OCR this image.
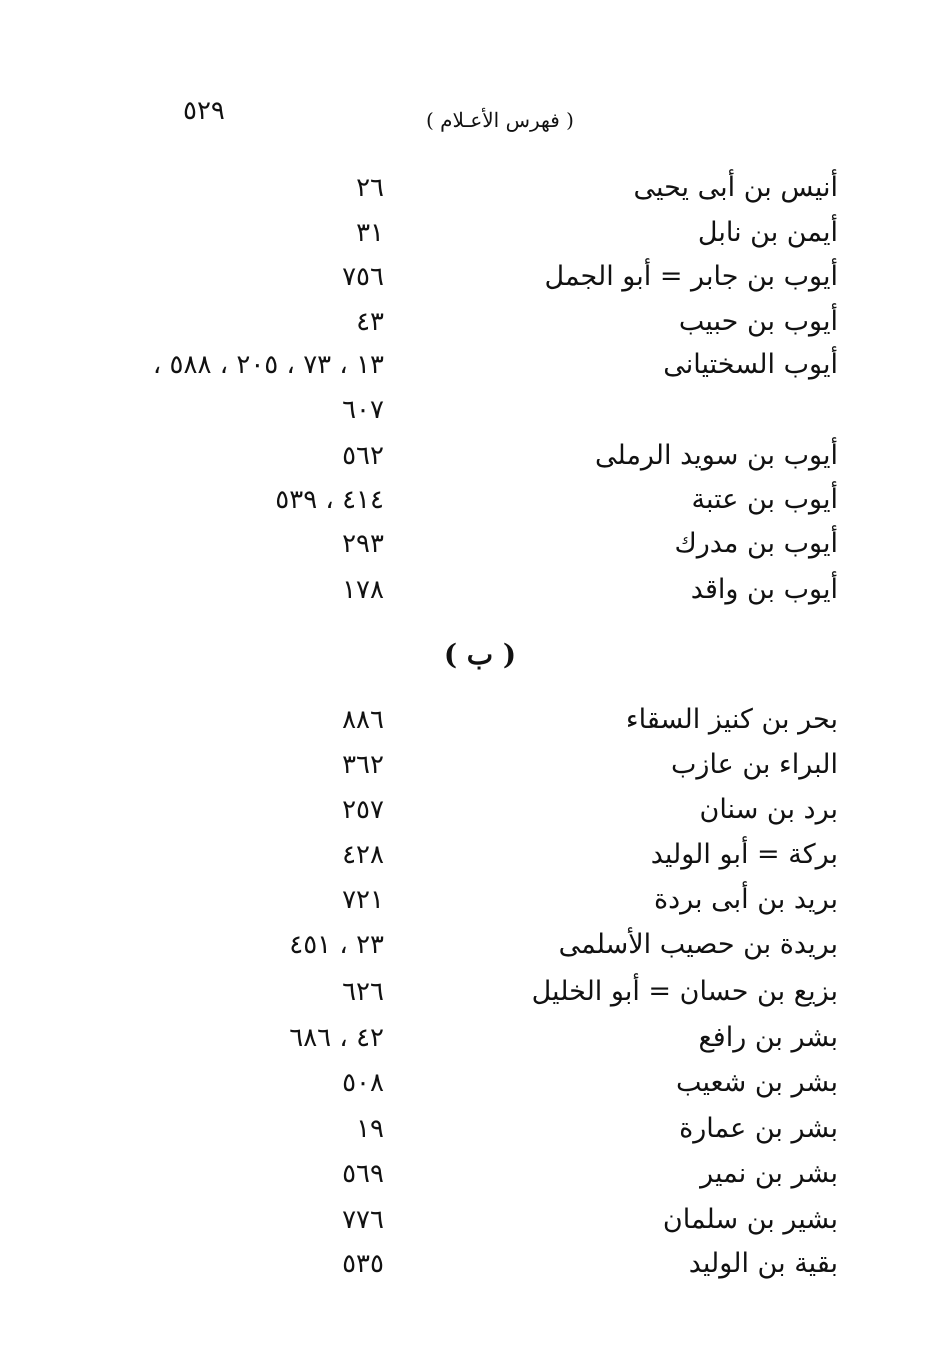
٥٢٩	( فهرس الأعـلام )
أنيس بن أبى يحيى
٢٦
أيمن بن نابل
٣١
أيوب بن جابر = أبو الجمل
٧٥٦
أيوب بن حبيب
٤٣
أيوب السختيانى
١٣ ، ٧٣ ، ٢٠٥ ، ٥٨٨ ،
٦٠٧
أيوب بن سويد الرملى
٥٦٢
أيوب بن عتبة
٤١٤ ، ٥٣٩
أيوب بن مدرك
٢٩٣
أيوب بن واقد
١٧٨
( ب )
بحر بن كنيز السقاء
٨٨٦
البراء بن عازب
٣٦٢
برد بن سنان
٢٥٧
بركة = أبو الوليد
٤٢٨
بريد بن أبى بردة
٧٢١
بريدة بن حصيب الأسلمى
٢٣ ، ٤٥١
بزيع بن حسان = أبو الخليل
٦٢٦
بشر بن رافع
٤٢ ، ٦٨٦
بشر بن شعيب
٥٠٨
بشر بن عمارة
١٩
بشر بن نمير
٥٦٩
بشير بن سلمان
٧٧٦
بقية بن الوليد
٥٣٥
